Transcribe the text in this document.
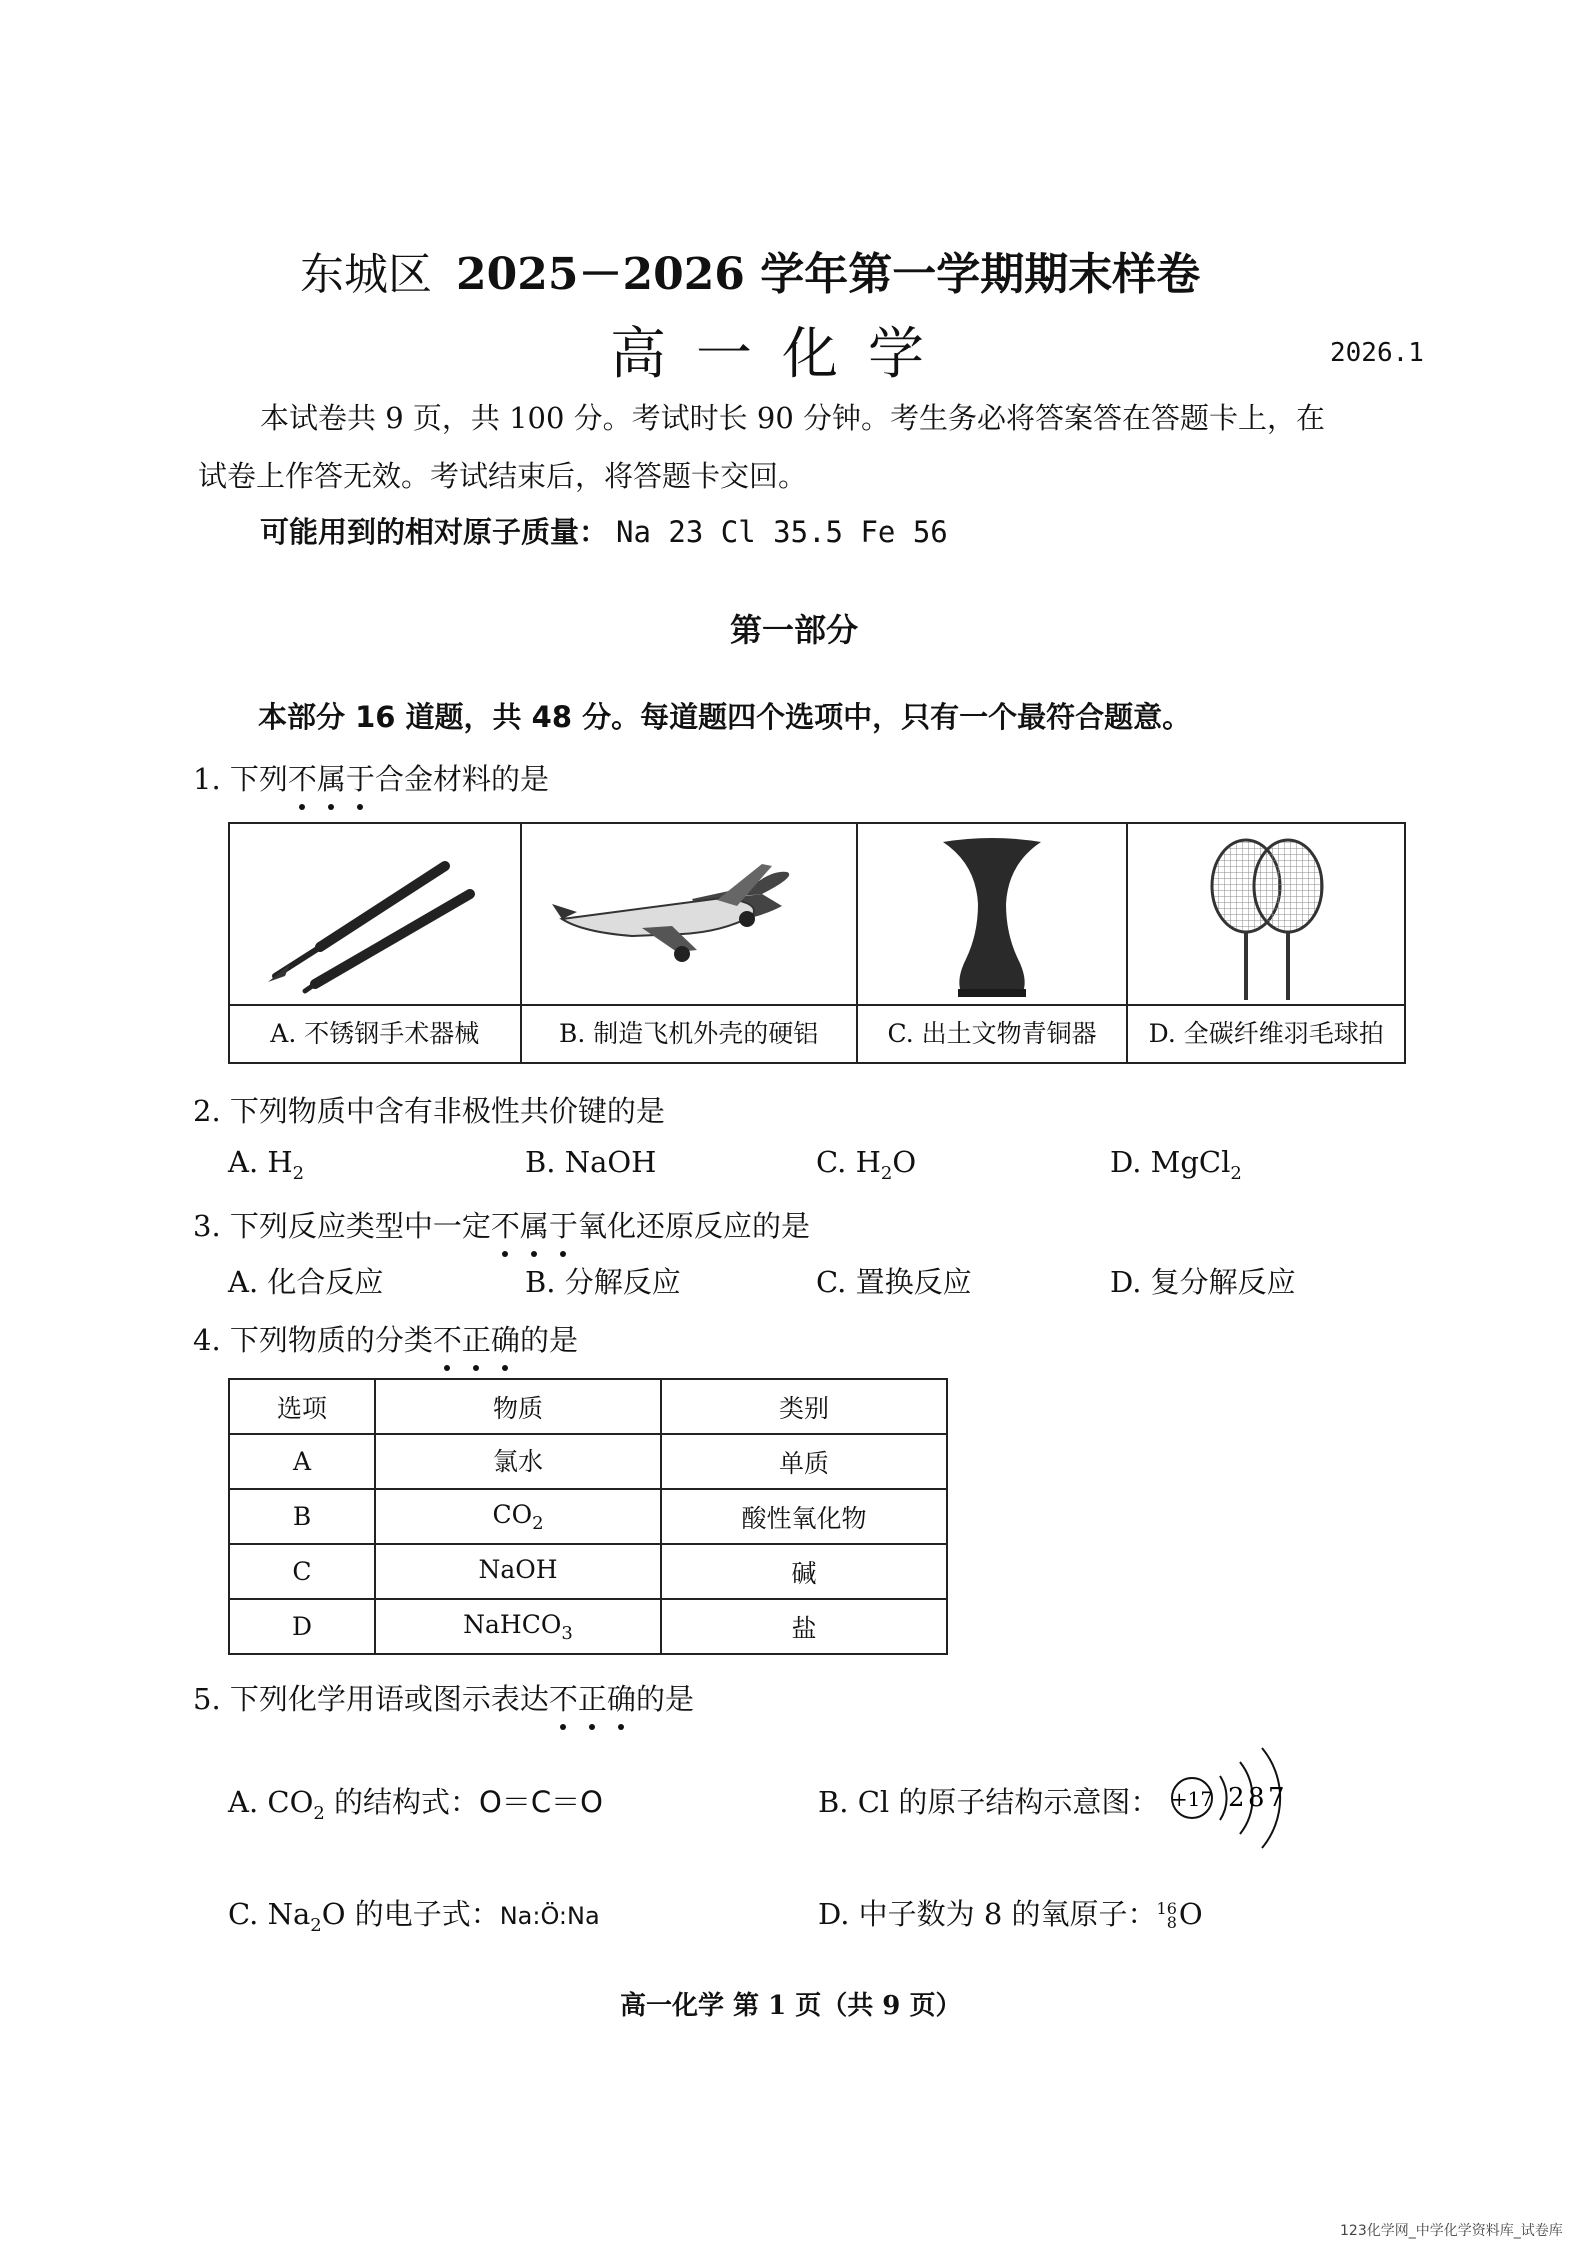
东城区 2025－2026 学年第一学期期末样卷
高一化学	2026.1
本试卷共 9 页，共 100 分。考试时长 90 分钟。考生务必将答案答在答题卡上，在
试卷上作答无效。考试结束后，将答题卡交回。
可能用到的相对原子质量： Na 23 Cl 35.5 Fe 56
第一部分
本部分 16 道题，共 48 分。每道题四个选项中，只有一个最符合题意。
1. 下列不属于合金材料的是
A. 不锈钢手术器械	B. 制造飞机外壳的硬铝	C. 出土文物青铜器	D. 全碳纤维羽毛球拍
2. 下列物质中含有非极性共价键的是
A. $H_2$	B. NaOH	C. $H_2O$	D. MgCl$_2$
3. 下列反应类型中一定不属于氧化还原反应的是
A. 化合反应	B. 分解反应	C. 置换反应	D. 复分解反应
4. 下列物质的分类不正确的是
选项	物质	类别
A	氯水	单质
B	$CO_2$	酸性氧化物
C	NaOH	碱
D	NaHCO$_3$	盐
5. 下列化学用语或图示表达不正确的是
A. $CO_2$ 的结构式：O＝C＝O	B. Cl 的原子结构示意图： +17 2 8 7
C. $Na_2O$ 的电子式：Na:Ö:Na	D. 中子数为 8 的氧原子：16
8O
高一化学 第 1 页（共 9 页）
123化学网_中学化学资料库_试卷库
